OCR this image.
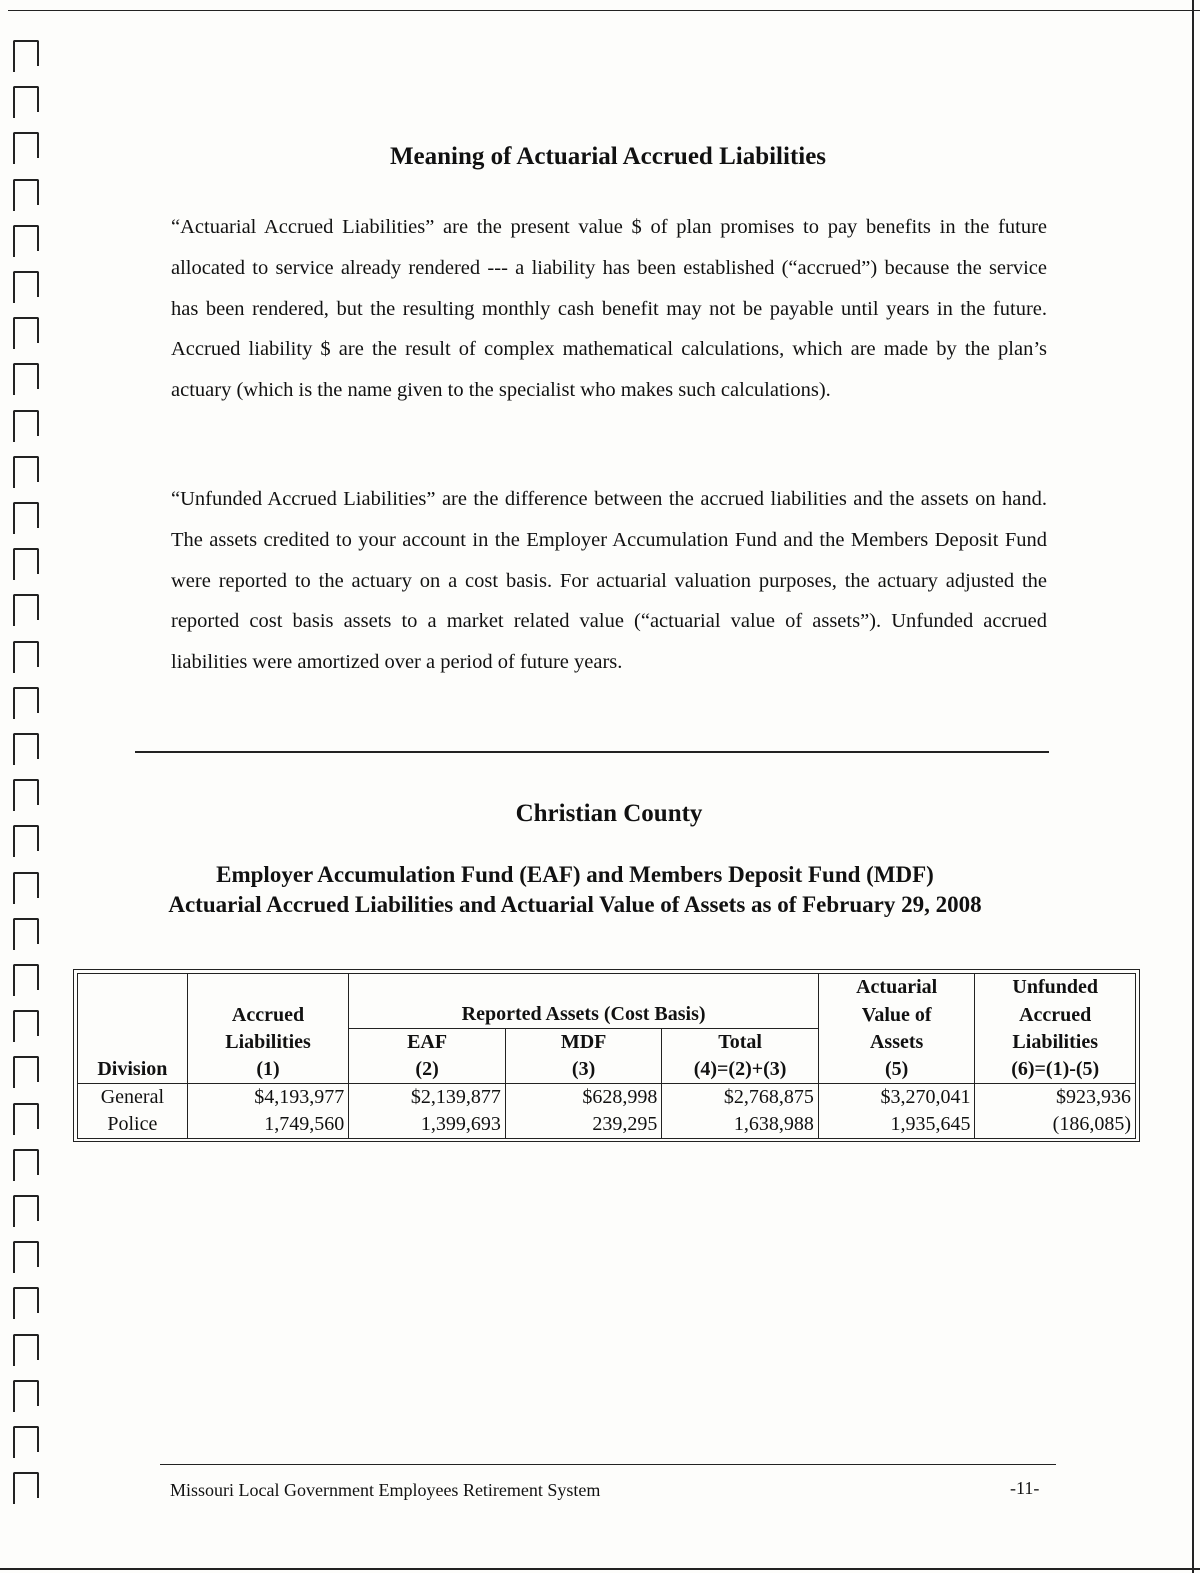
Meaning of Actuarial Accrued Liabilities

“Actuarial Accrued Liabilities” are the present value $ of plan promises to pay benefits in the future allocated to service already rendered --- a liability has been established (“accrued”) because the service has been rendered, but the resulting monthly cash benefit may not be payable until years in the future. Accrued liability $ are the result of complex mathematical calculations, which are made by the plan’s actuary (which is the name given to the specialist who makes such calculations).

“Unfunded Accrued Liabilities” are the difference between the accrued liabilities and the assets on hand. The assets credited to your account in the Employer Accumulation Fund and the Members Deposit Fund were reported to the actuary on a cost basis. For actuarial valuation purposes, the actuary adjusted the reported cost basis assets to a market related value (“actuarial value of assets”). Unfunded accrued liabilities were amortized over a period of future years.

Christian County
Employer Accumulation Fund (EAF) and Members Deposit Fund (MDF)
Actuarial Accrued Liabilities and Actuarial Value of Assets as of February 29, 2008
					Actuarial	Unfunded
	Accrued	Reported Assets (Cost Basis)			Value of	Accrued
	Liabilities	EAF	MDF	Total	Assets	Liabilities
Division	(1)	(2)	(3)	(4)=(2)+(3)	(5)	(6)=(1)-(5)
General	$4,193,977	$2,139,877	$628,998	$2,768,875	$3,270,041	$923,936
Police	1,749,560	1,399,693	239,295	1,638,988	1,935,645	(186,085)
Missouri Local Government Employees Retirement System	-11-
